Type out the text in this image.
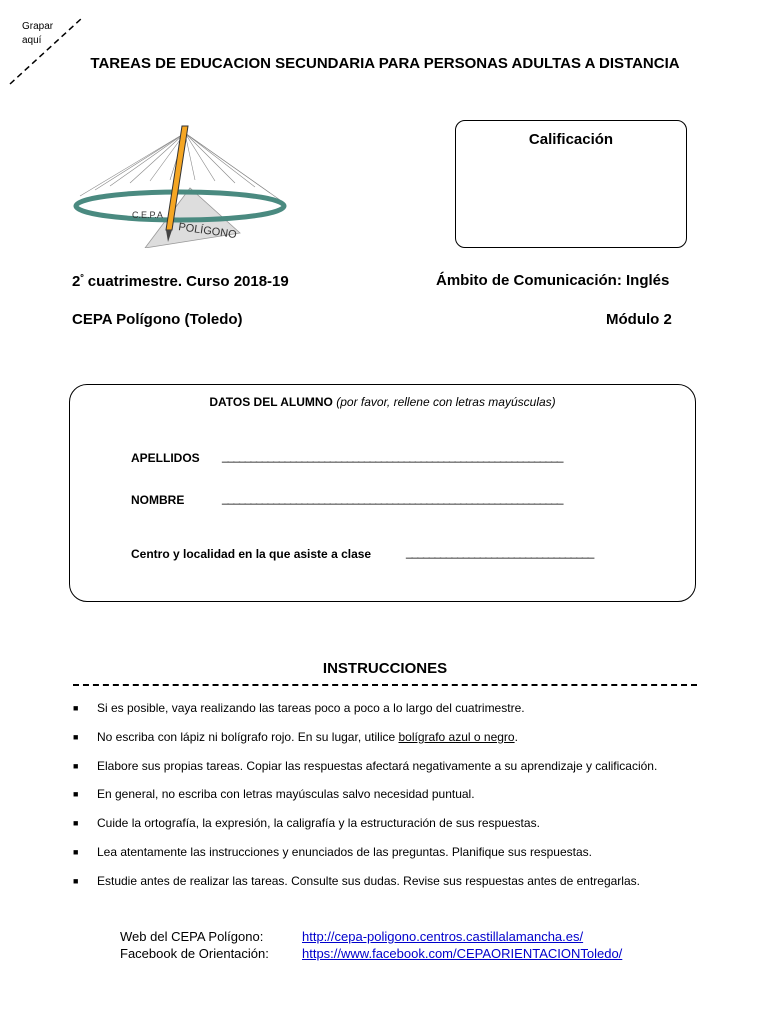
Grapar
aquí
TAREAS DE EDUCACION SECUNDARIA PARA PERSONAS ADULTAS A DISTANCIA
C.E.P.A
POLÍGONO
Calificación
$2^º$ cuatrimestre. Curso 2018-19	Ámbito de Comunicación: Inglés
CEPA Polígono (Toledo)	Módulo 2
DATOS DEL ALUMNO (por favor, rellene con letras mayúsculas)
APELLIDOS ____________________________________________________________
NOMBRE	____________________________________________________________
Centro y localidad en la que asiste a clase	_________________________________
INSTRUCCIONES
■	Si es posible, vaya realizando las tareas poco a poco a lo largo del cuatrimestre.
■	No escriba con lápiz ni bolígrafo rojo. En su lugar, utilice bolígrafo azul o negro.
■	Elabore sus propias tareas. Copiar las respuestas afectará negativamente a su aprendizaje y calificación.
■	En general, no escriba con letras mayúsculas salvo necesidad puntual.
■	Cuide la ortografía, la expresión, la caligrafía y la estructuración de sus respuestas.
■	Lea atentamente las instrucciones y enunciados de las preguntas. Planifique sus respuestas.
■	Estudie antes de realizar las tareas. Consulte sus dudas. Revise sus respuestas antes de entregarlas.
Web del CEPA Polígono:	http://cepa-poligono.centros.castillalamancha.es/
Facebook de Orientación:	https://www.facebook.com/CEPAORIENTACIONToledo/
